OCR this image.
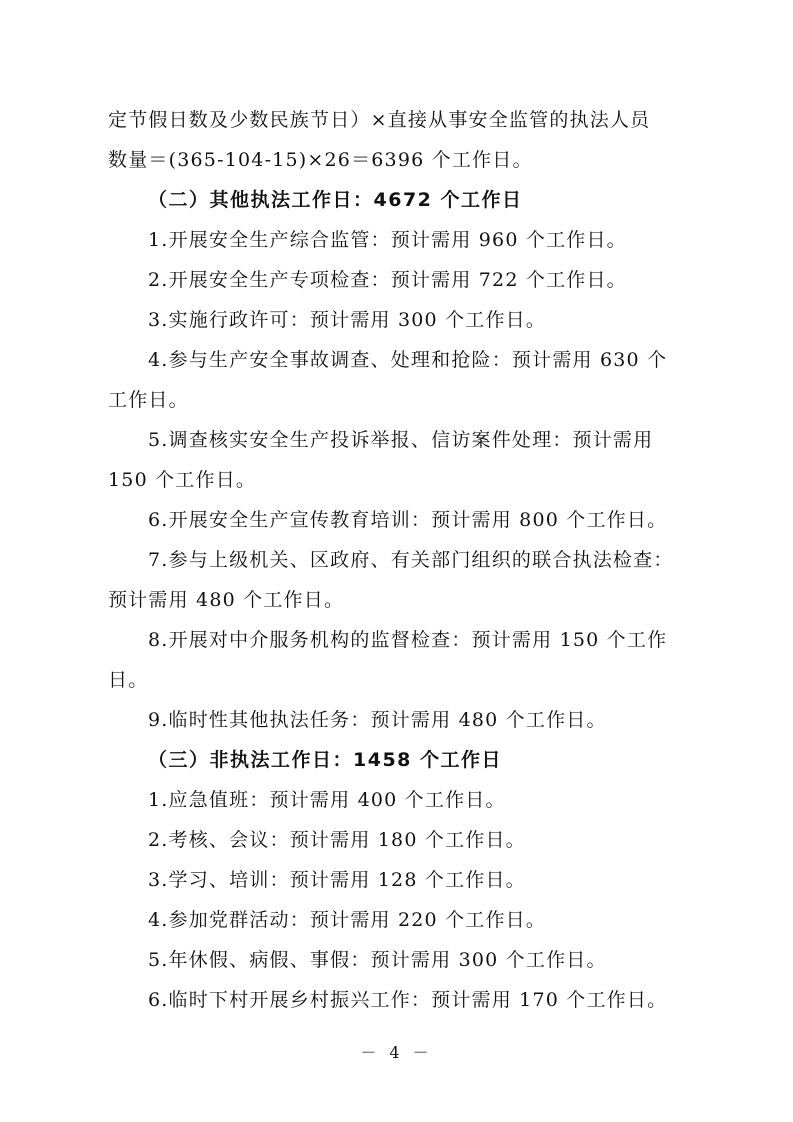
定节假日数及少数民族节日）×直接从事安全监管的执法人员
数量＝(365-104-15)×26＝6396 个工作日。
（二）其他执法工作日：4672 个工作日
1.开展安全生产综合监管：预计需用 960 个工作日。
2.开展安全生产专项检查：预计需用 722 个工作日。
3.实施行政许可：预计需用 300 个工作日。
4.参与生产安全事故调查、处理和抢险：预计需用 630 个
工作日。
5.调查核实安全生产投诉举报、信访案件处理：预计需用
150 个工作日。
6.开展安全生产宣传教育培训：预计需用 800 个工作日。
7.参与上级机关、区政府、有关部门组织的联合执法检查：
预计需用 480 个工作日。
8.开展对中介服务机构的监督检查：预计需用 150 个工作
日。
9.临时性其他执法任务：预计需用 480 个工作日。
（三）非执法工作日：1458 个工作日
1.应急值班：预计需用 400 个工作日。
2.考核、会议：预计需用 180 个工作日。
3.学习、培训：预计需用 128 个工作日。
4.参加党群活动：预计需用 220 个工作日。
5.年休假、病假、事假：预计需用 300 个工作日。
6.临时下村开展乡村振兴工作：预计需用 170 个工作日。
－ 4 －
